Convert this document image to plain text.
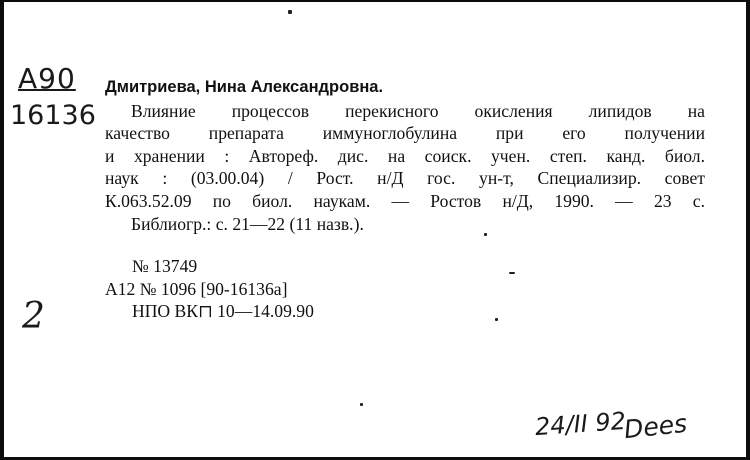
А90
16136
2
24/II 92
Dees
Дмитриева, Нина Александровна.
Влияние процессов перекисного окисления липидов на
качество препарата иммуноглобулина при его получении
и хранении : Автореф. дис. на соиск. учен. степ. канд. биол.
наук : (03.00.04) / Рост. н/Д гос. ун-т, Специализир. совет
К.063.52.09 по биол. наукам. — Ростов н/Д, 1990. — 23 с.
Библиогр.: с. 21—22 (11 назв.).
№ 13749
А12 № 1096 [90-16136а]
НПО ВК⊓ 10—14.09.90
